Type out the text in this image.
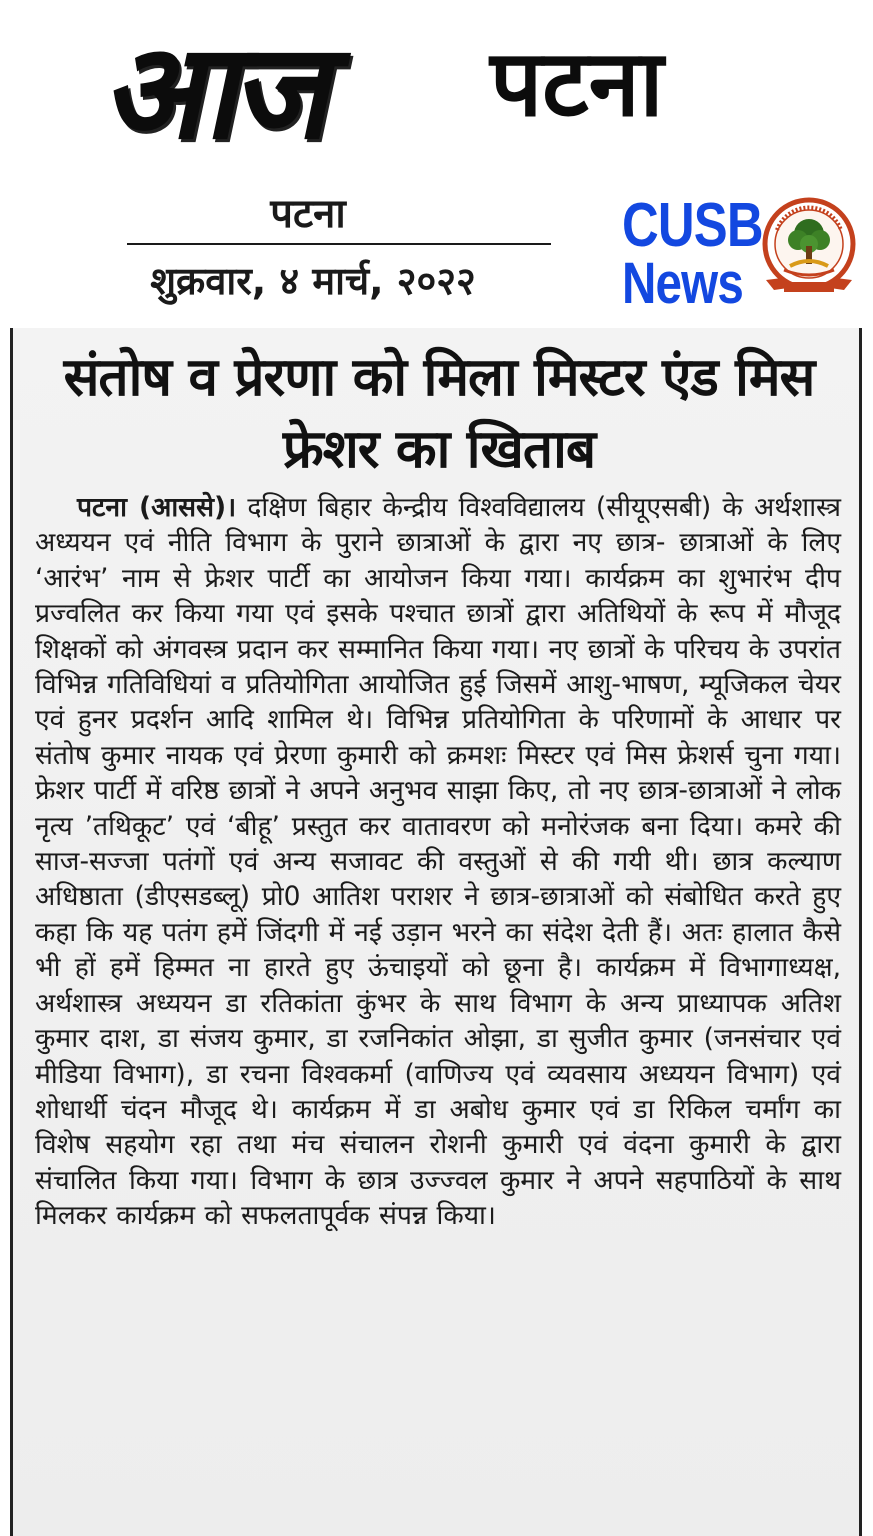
आज	पटना
पटना
शुक्रवार, ४ मार्च, २०२२
CUSB
News
संतोष व प्रेरणा को मिला मिस्टर एंड मिस फ्रेशर का खिताब
पटना (आससे)। दक्षिण बिहार केन्द्रीय विश्वविद्यालय (सीयूएसबी) के अर्थशास्त्र अध्ययन एवं नीति विभाग के पुराने छात्राओं के द्वारा नए छात्र- छात्राओं के लिए ‘आरंभ’ नाम से फ्रेशर पार्टी का आयोजन किया गया। कार्यक्रम का शुभारंभ दीप प्रज्वलित कर किया गया एवं इसके पश्चात छात्रों द्वारा अतिथियों के रूप में मौजूद शिक्षकों को अंगवस्त्र प्रदान कर सम्मानित किया गया। नए छात्रों के परिचय के उपरांत विभिन्न गतिविधियां व प्रतियोगिता आयोजित हुई जिसमें आशु-भाषण, म्यूजिकल चेयर एवं हुनर प्रदर्शन आदि शामिल थे। विभिन्न प्रतियोगिता के परिणामों के आधार पर संतोष कुमार नायक एवं प्रेरणा कुमारी को क्रमशः मिस्टर एवं मिस फ्रेशर्स चुना गया। फ्रेशर पार्टी में वरिष्ठ छात्रों ने अपने अनुभव साझा किए, तो नए छात्र-छात्राओं ने लोक नृत्य ’तथिकूट’ एवं ‘बीहू’ प्रस्तुत कर वातावरण को मनोरंजक बना दिया। कमरे की साज-सज्जा पतंगों एवं अन्य सजावट की वस्तुओं से की गयी थी। छात्र कल्याण अधिष्ठाता (डीएसडब्लू) प्रो0 आतिश पराशर ने छात्र-छात्राओं को संबोधित करते हुए कहा कि यह पतंग हमें जिंदगी में नई उड़ान भरने का संदेश देती हैं। अतः हालात कैसे भी हों हमें हिम्मत ना हारते हुए ऊंचाइयों को छूना है। कार्यक्रम में विभागाध्यक्ष, अर्थशास्त्र अध्ययन डा रतिकांता कुंभर के साथ विभाग के अन्य प्राध्यापक अतिश कुमार दाश, डा संजय कुमार, डा रजनिकांत ओझा, डा सुजीत कुमार (जनसंचार एवं मीडिया विभाग), डा रचना विश्वकर्मा (वाणिज्य एवं व्यवसाय अध्ययन विभाग) एवं शोधार्थी चंदन मौजूद थे। कार्यक्रम में डा अबोध कुमार एवं डा रिकिल चर्मांग का विशेष सहयोग रहा तथा मंच संचालन रोशनी कुमारी एवं वंदना कुमारी के द्वारा संचालित किया गया। विभाग के छात्र उज्ज्वल कुमार ने अपने सहपाठियों के साथ मिलकर कार्यक्रम को सफलतापूर्वक संपन्न किया।
